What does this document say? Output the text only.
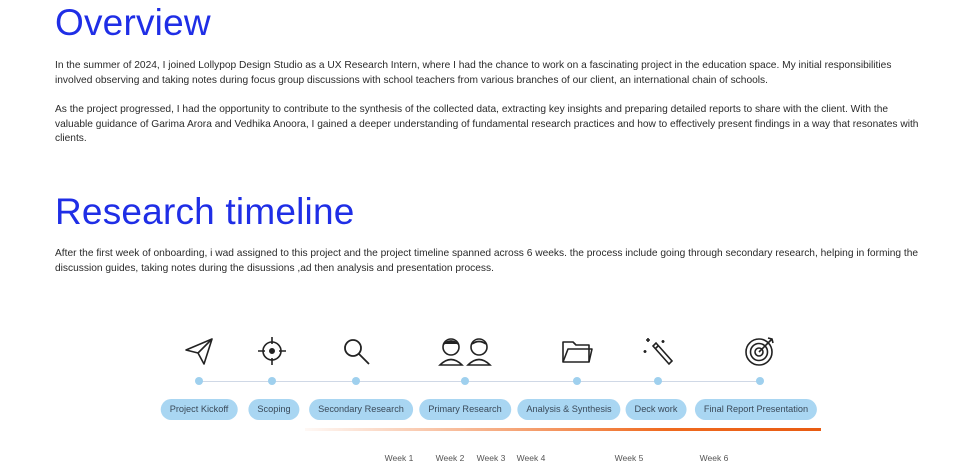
Overview

In the summer of 2024, I joined Lollypop Design Studio as a UX Research Intern, where I had the chance to work on a fascinating project in the education space. My initial responsibilities involved observing and taking notes during focus group discussions with school teachers from various branches of our client, an international chain of schools.

As the project progressed, I had the opportunity to contribute to the synthesis of the collected data, extracting key insights and preparing detailed reports to share with the client. With the valuable guidance of Garima Arora and Vedhika Anoora, I gained a deeper understanding of fundamental research practices and how to effectively present findings in a way that resonates with clients.

Research timeline

After the first week of onboarding, i wad assigned to this project and the project timeline spanned across 6 weeks. the process include going through secondary research, helping in forming the discussion guides, taking notes during the disussions ,ad then analysis and presentation process.

Project Kickoff	Scoping	Secondary Research	Primary Research	Analysis & Synthesis	Deck work	Final Report Presentation
Week 1	Week 2 Week 3 Week 4	Week 5	Week 6
